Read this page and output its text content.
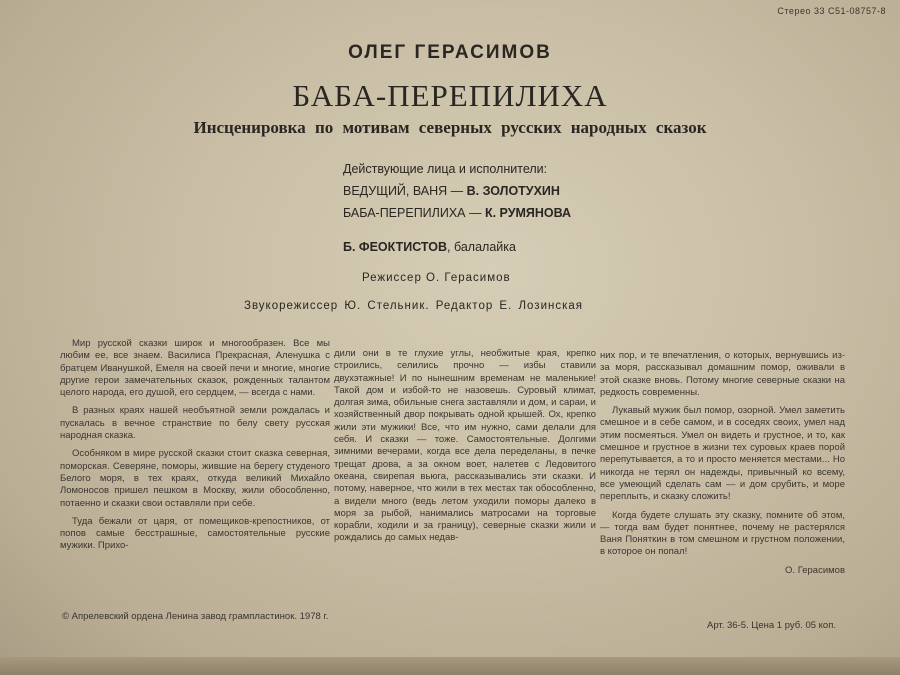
Стерео 33 С51-08757-8
ОЛЕГ ГЕРАСИМОВ
БАБА-ПЕРЕПИЛИХА
Инсценировка по мотивам северных русских народных сказок
Действующие лица и исполнители:
ВЕДУЩИЙ, ВАНЯ — В. ЗОЛОТУХИН
БАБА-ПЕРЕПИЛИХА — К. РУМЯНОВА
Б. ФЕОКТИСТОВ, балалайка
Режиссер О. Герасимов
Звукорежиссер Ю. Стельник. Редактор Е. Лозинская

Мир русской сказки широк и многообразен. Все мы любим ее, все знаем. Василиса Прекрасная, Аленушка с братцем Иванушкой, Емеля на своей печи и многие, многие другие герои замечательных сказок, рожденных талантом целого народа, его душой, его сердцем, — всегда с нами.

В разных краях нашей необъятной земли рождалась и пускалась в вечное странствие по белу свету русская народная сказка.

Особняком в мире русской сказки стоит сказка северная, поморская. Северяне, поморы, жившие на берегу студеного Белого моря, в тех краях, откуда великий Михайло Ломоносов пришел пешком в Москву, жили обособленно, потаенно и сказки свои оставляли при себе.

Туда бежали от царя, от помещиков-крепостников, от попов самые бесстрашные, самостоятельные русские мужики. Прихо-

дили они в те глухие углы, необжитые края, крепко строились, селились прочно — избы ставили двухэтажные! И по нынешним временам не маленькие! Такой дом и избой-то не назовешь. Суровый климат, долгая зима, обильные снега заставляли и дом, и сараи, и хозяйственный двор покрывать одной крышей. Ох, крепко жили эти мужики! Все, что им нужно, сами делали для себя. И сказки — тоже. Самостоятельные. Долгими зимними вечерами, когда все дела переделаны, в печке трещат дрова, а за окном воет, налетев с Ледовитого океана, свирепая вьюга, рассказывались эти сказки. И потому, наверное, что жили в тех местах так обособленно, а видели много (ведь летом уходили поморы далеко в моря за рыбой, нанимались матросами на торговые корабли, ходили и за границу), северные сказки жили и рождались до самых недав-

них пор, и те впечатления, о которых, вернувшись из-за моря, рассказывал домашним помор, оживали в этой сказке вновь. Потому многие северные сказки на редкость современны.

Лукавый мужик был помор, озорной. Умел заметить смешное и в себе самом, и в соседях своих, умел над этим посмеяться. Умел он видеть и грустное, и то, как смешное и грустное в жизни тех суровых краев порой перепутывается, а то и просто меняется местами... Но никогда не терял он надежды, привычный ко всему, все умеющий сделать сам — и дом срубить, и море переплыть, и сказку сложить!

Когда будете слушать эту сказку, помните об этом, — тогда вам будет понятнее, почему не растерялся Ваня Поняткин в том смешном и грустном положении, в которое он попал!

О. Герасимов
© Апрелевский ордена Ленина завод грампластинок. 1978 г.
Арт. 36-5. Цена 1 руб. 05 коп.
